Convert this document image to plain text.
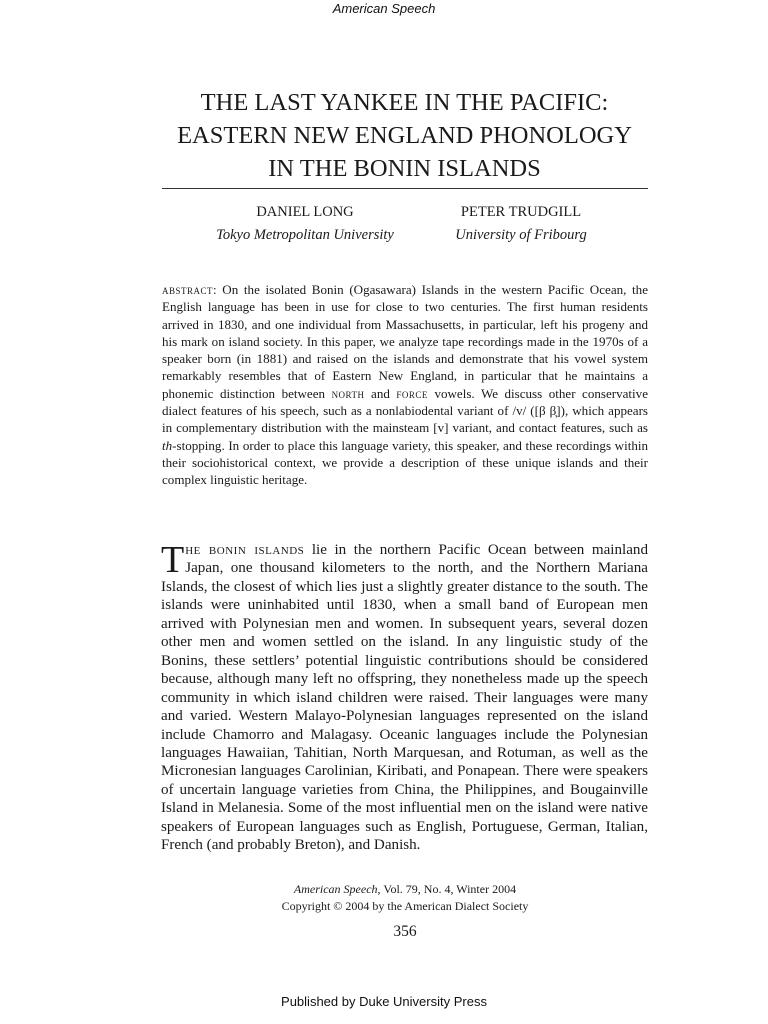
American Speech
THE LAST YANKEE IN THE PACIFIC:
EASTERN NEW ENGLAND PHONOLOGY
IN THE BONIN ISLANDS
DANIEL LONG
Tokyo Metropolitan University
PETER TRUDGILL
University of Fribourg
abstract: On the isolated Bonin (Ogasawara) Islands in the western Pacific Ocean, the English language has been in use for close to two centuries. The first human residents arrived in 1830, and one individual from Massachusetts, in particular, left his progeny and his mark on island society. In this paper, we analyze tape recordings made in the 1970s of a speaker born (in 1881) and raised on the islands and demonstrate that his vowel system remarkably resembles that of Eastern New England, in particular that he maintains a phonemic distinction between north and force vowels. We discuss other conservative dialect features of his speech, such as a nonlabiodental variant of /v/ ([β β̞]), which appears in complementary distribution with the mainsteam [v] variant, and contact features, such as th-stopping. In order to place this language variety, this speaker, and these recordings within their sociohistorical context, we provide a description of these unique islands and their complex linguistic heritage.
The bonin islands lie in the northern Pacific Ocean between mainland Japan, one thousand kilometers to the north, and the Northern Mariana Islands, the closest of which lies just a slightly greater distance to the south. The islands were uninhabited until 1830, when a small band of European men arrived with Polynesian men and women. In subsequent years, several dozen other men and women settled on the island. In any linguistic study of the Bonins, these settlers’ potential linguistic contributions should be considered because, although many left no offspring, they nonetheless made up the speech community in which island children were raised. Their languages were many and varied. Western Malayo-Polynesian languages represented on the island include Chamorro and Malagasy. Oceanic languages include the Polynesian languages Hawaiian, Tahitian, North Marquesan, and Rotuman, as well as the Micronesian languages Carolinian, Kiribati, and Ponapean. There were speakers of uncertain language varieties from China, the Philippines, and Bougainville Island in Melanesia. Some of the most influential men on the island were native speakers of European languages such as English, Portuguese, German, Italian, French (and probably Breton), and Danish.
American Speech, Vol. 79, No. 4, Winter 2004
Copyright © 2004 by the American Dialect Society
356
Published by Duke University Press
